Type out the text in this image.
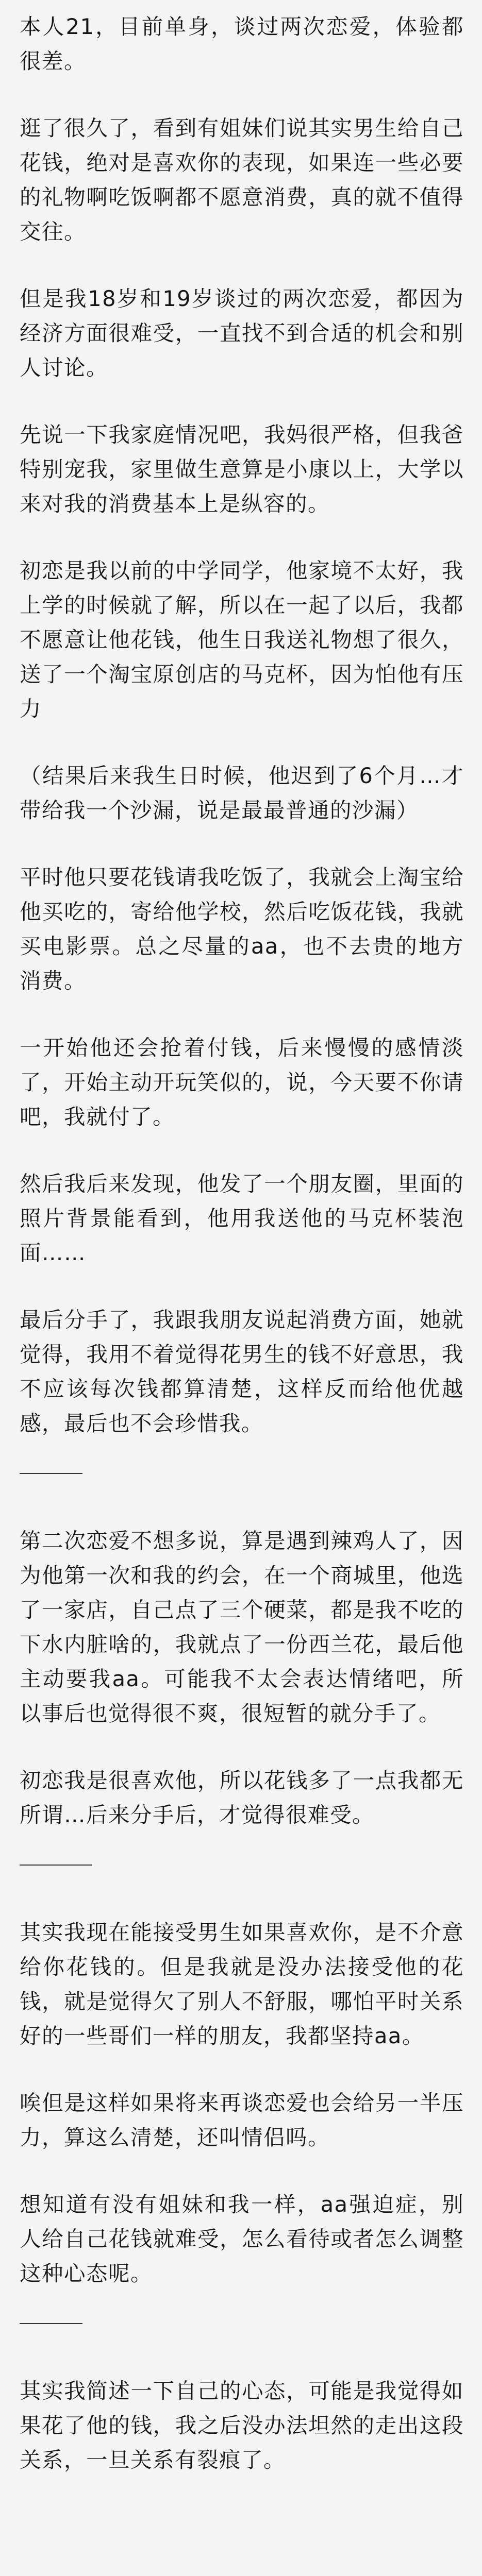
本人21，目前单身，谈过两次恋爱，体验都很差。

逛了很久了，看到有姐妹们说其实男生给自己花钱，绝对是喜欢你的表现，如果连一些必要的礼物啊吃饭啊都不愿意消费，真的就不值得交往。

但是我18岁和19岁谈过的两次恋爱，都因为经济方面很难受，一直找不到合适的机会和别人讨论。

先说一下我家庭情况吧，我妈很严格，但我爸特别宠我，家里做生意算是小康以上，大学以来对我的消费基本上是纵容的。

初恋是我以前的中学同学，他家境不太好，我上学的时候就了解，所以在一起了以后，我都不愿意让他花钱，他生日我送礼物想了很久，送了一个淘宝原创店的马克杯，因为怕他有压力

（结果后来我生日时候，他迟到了6个月…才带给我一个沙漏，说是最最普通的沙漏）

平时他只要花钱请我吃饭了，我就会上淘宝给他买吃的，寄给他学校，然后吃饭花钱，我就买电影票。总之尽量的aa，也不去贵的地方消费。

一开始他还会抢着付钱，后来慢慢的感情淡了，开始主动开玩笑似的，说，今天要不你请吧，我就付了。

然后我后来发现，他发了一个朋友圈，里面的照片背景能看到，他用我送他的马克杯装泡面……

最后分手了，我跟我朋友说起消费方面，她就觉得，我用不着觉得花男生的钱不好意思，我不应该每次钱都算清楚，这样反而给他优越感，最后也不会珍惜我。

第二次恋爱不想多说，算是遇到辣鸡人了，因为他第一次和我的约会，在一个商城里，他选了一家店，自己点了三个硬菜，都是我不吃的下水内脏啥的，我就点了一份西兰花，最后他主动要我aa。可能我不太会表达情绪吧，所以事后也觉得很不爽，很短暂的就分手了。

初恋我是很喜欢他，所以花钱多了一点我都无所谓…后来分手后，才觉得很难受。

其实我现在能接受男生如果喜欢你，是不介意给你花钱的。但是我就是没办法接受他的花钱，就是觉得欠了别人不舒服，哪怕平时关系好的一些哥们一样的朋友，我都坚持aa。

唉但是这样如果将来再谈恋爱也会给另一半压力，算这么清楚，还叫情侣吗。

想知道有没有姐妹和我一样，aa强迫症，别人给自己花钱就难受，怎么看待或者怎么调整这种心态呢。

其实我简述一下自己的心态，可能是我觉得如果花了他的钱，我之后没办法坦然的走出这段关系，一旦关系有裂痕了。
